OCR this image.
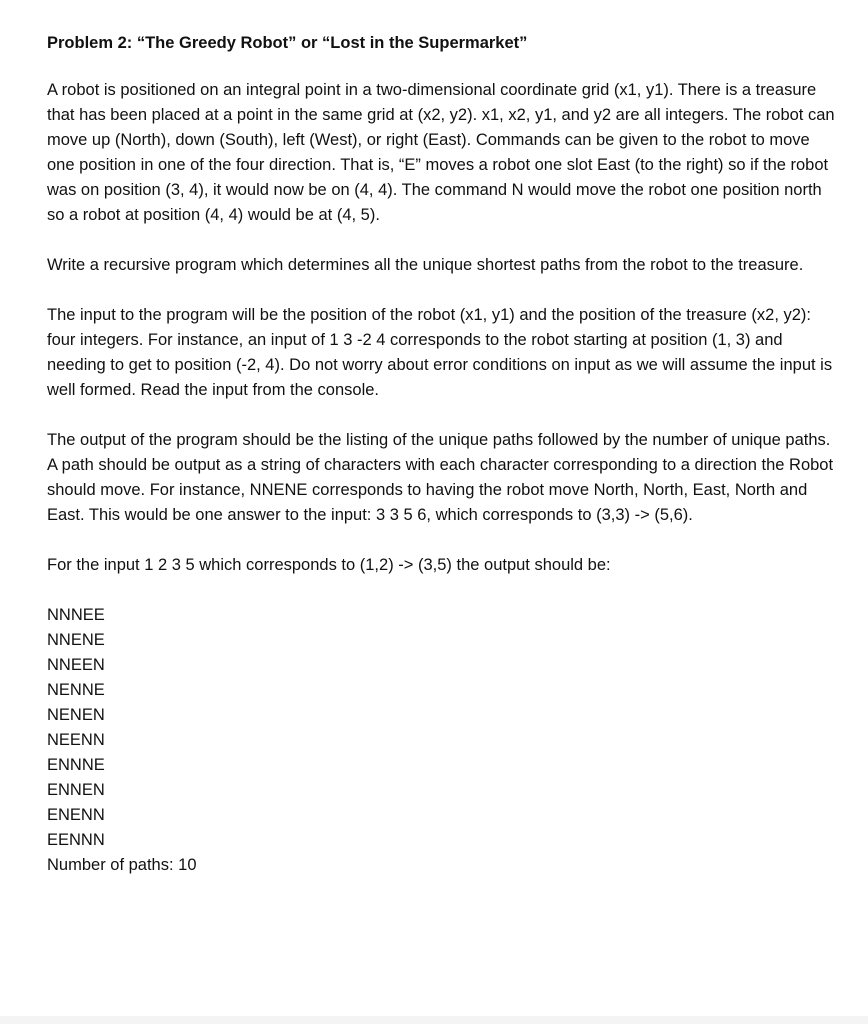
Problem 2: “The Greedy Robot” or “Lost in the Supermarket”

A robot is positioned on an integral point in a two-dimensional coordinate grid (x1, y1). There is a treasure that has been placed at a point in the same grid at (x2, y2). x1, x2, y1, and y2 are all integers. The robot can move up (North), down (South), left (West), or right (East). Commands can be given to the robot to move one position in one of the four direction. That is, “E” moves a robot one slot East (to the right) so if the robot was on position (3, 4), it would now be on (4, 4). The command N would move the robot one position north so a robot at position (4, 4) would be at (4, 5).

Write a recursive program which determines all the unique shortest paths from the robot to the treasure.

The input to the program will be the position of the robot (x1, y1) and the position of the treasure (x2, y2): four integers. For instance, an input of 1 3 -2 4 corresponds to the robot starting at position (1, 3) and needing to get to position (-2, 4). Do not worry about error conditions on input as we will assume the input is well formed. Read the input from the console.

The output of the program should be the listing of the unique paths followed by the number of unique paths. A path should be output as a string of characters with each character corresponding to a direction the Robot should move. For instance, NNENE corresponds to having the robot move North, North, East, North and East. This would be one answer to the input: 3 3 5 6, which corresponds to (3,3) -> (5,6).

For the input 1 2 3 5 which corresponds to (1,2) -> (3,5) the output should be:

NNNEE
NNENE
NNEEN
NENNE
NENEN
NEENN
ENNNE
ENNEN
ENENN
EENNN
Number of paths: 10
